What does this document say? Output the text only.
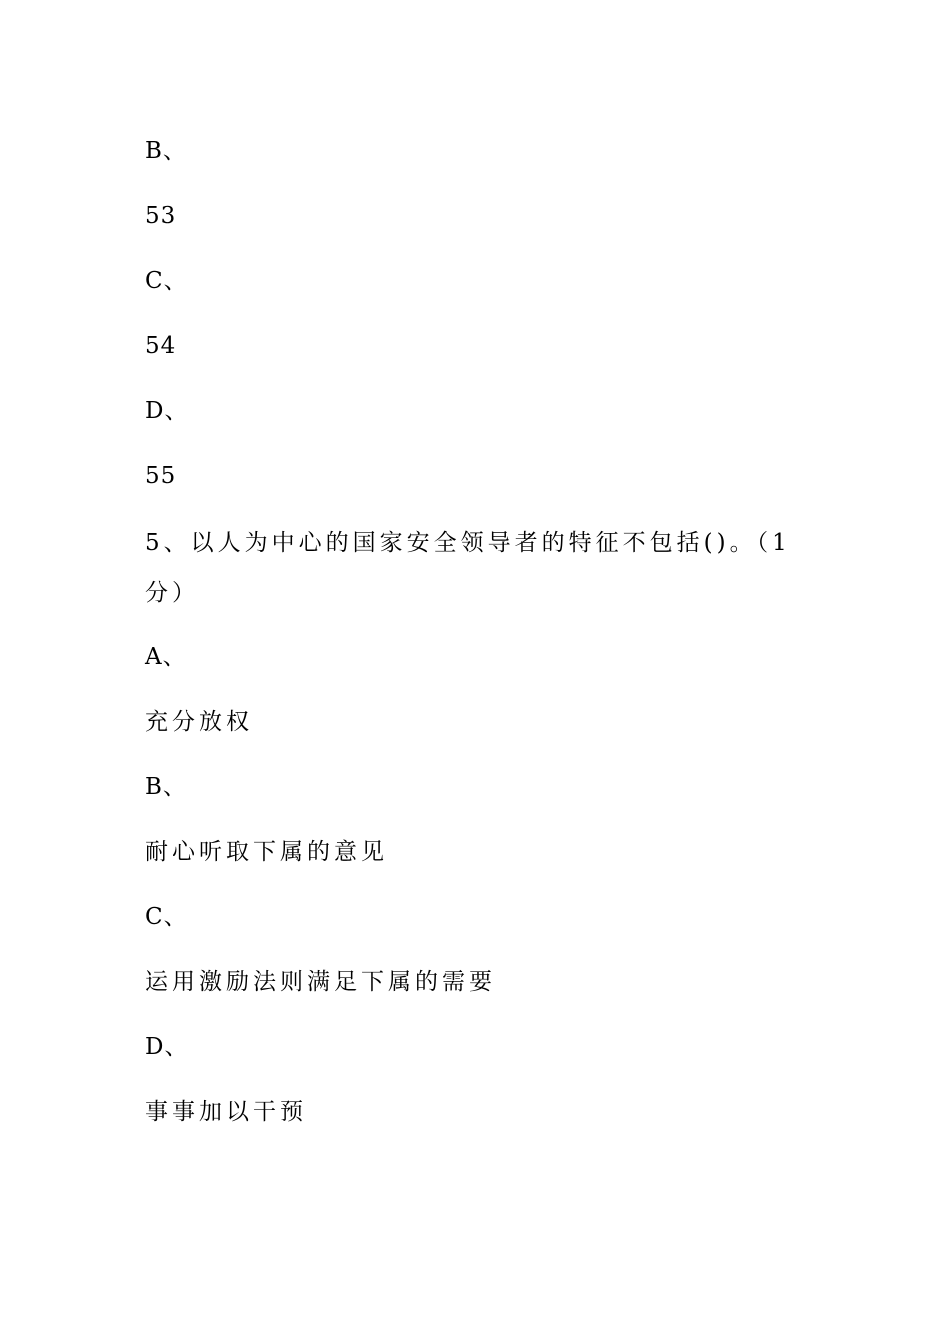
B、
53
C、
54
D、
55
5、以人为中心的国家安全领导者的特征不包括()。（1
分）
A、
充分放权
B、
耐心听取下属的意见
C、
运用激励法则满足下属的需要
D、
事事加以干预
